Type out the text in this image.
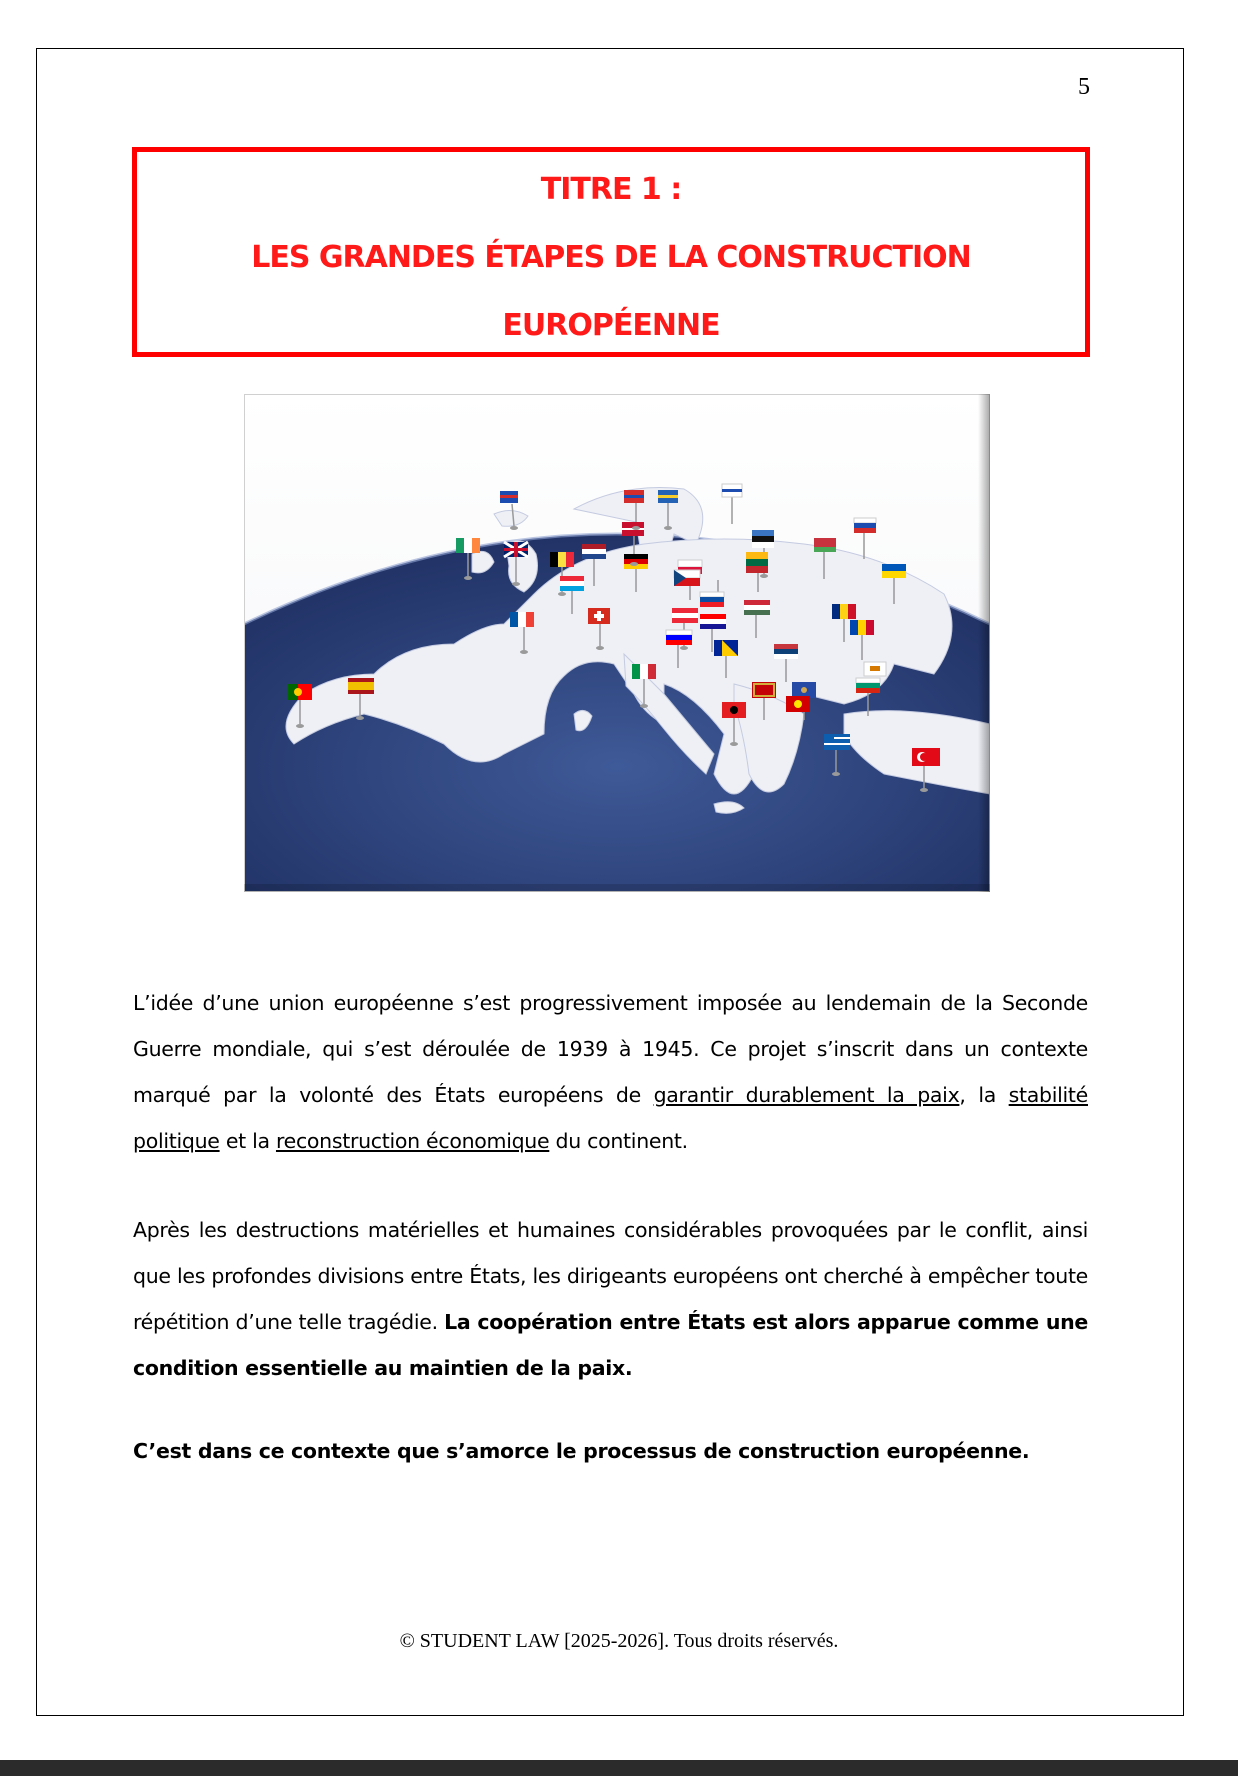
5
TITRE 1 :
LES GRANDES ÉTAPES DE LA CONSTRUCTION
EUROPÉENNE
L’idée d’une union européenne s’est progressivement imposée au lendemain de la Seconde Guerre mondiale, qui s’est déroulée de 1939 à 1945. Ce projet s’inscrit dans un contexte marqué par la volonté des États européens de garantir durablement la paix, la stabilité politique et la reconstruction économique du continent.
Après les destructions matérielles et humaines considérables provoquées par le conflit, ainsi que les profondes divisions entre États, les dirigeants européens ont cherché à empêcher toute répétition d’une telle tragédie. La coopération entre États est alors apparue comme une condition essentielle au maintien de la paix.
C’est dans ce contexte que s’amorce le processus de construction européenne.
© STUDENT LAW [2025-2026]. Tous droits réservés.
